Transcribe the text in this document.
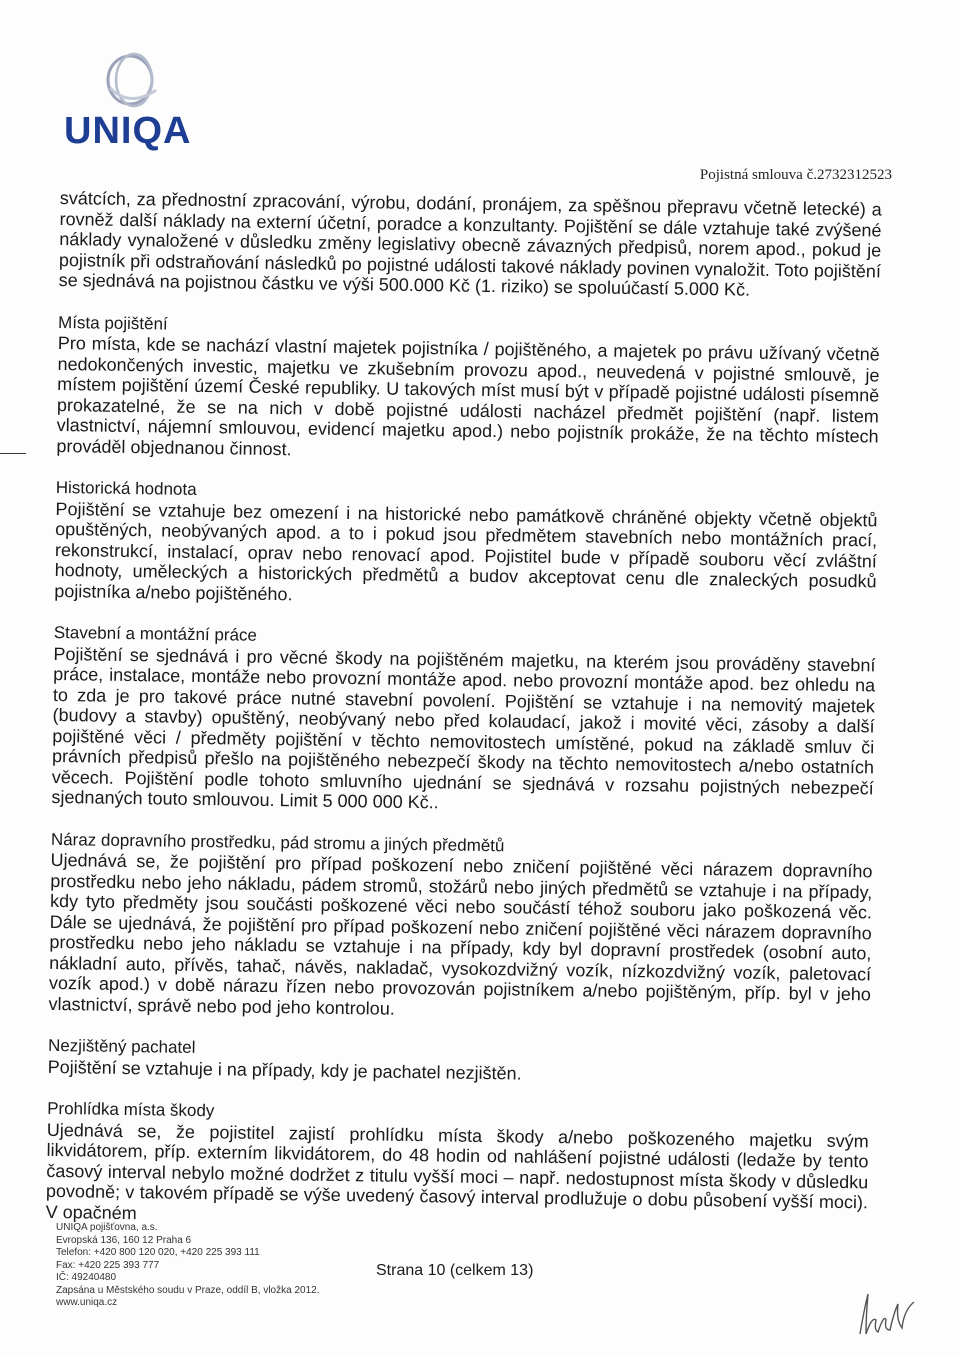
UNIQA
Pojistná smlouva č.2732312523

svátcích, za přednostní zpracování, výrobu, dodání, pronájem, za spěšnou přepravu včetně letecké) a rovněž další náklady na externí účetní, poradce a konzultanty. Pojištění se dále vztahuje také zvýšené náklady vynaložené v důsledku změny legislativy obecně závazných předpisů, norem apod., pokud je pojistník při odstraňování následků po pojistné události takové náklady povinen vynaložit. Toto pojištění se sjednává na pojistnou částku ve výši 500.000 Kč (1. riziko) se spoluúčastí 5.000 Kč.

Místa pojištění

Pro místa, kde se nachází vlastní majetek pojistníka / pojištěného, a majetek po právu užívaný včetně nedokončených investic, majetku ve zkušebním provozu apod., neuvedená v pojistné smlouvě, je místem pojištění území České republiky. U takových míst musí být v případě pojistné události písemně prokazatelné, že se na nich v době pojistné události nacházel předmět pojištění (např. listem vlastnictví, nájemní smlouvou, evidencí majetku apod.) nebo pojistník prokáže, že na těchto místech prováděl objednanou činnost.

Historická hodnota

Pojištění se vztahuje bez omezení i na historické nebo památkově chráněné objekty včetně objektů opuštěných, neobývaných apod. a to i pokud jsou předmětem stavebních nebo montážních prací, rekonstrukcí, instalací, oprav nebo renovací apod. Pojistitel bude v případě souboru věcí zvláštní hodnoty, uměleckých a historických předmětů a budov akceptovat cenu dle znaleckých posudků pojistníka a/nebo pojištěného.

Stavební a montážní práce

Pojištění se sjednává i pro věcné škody na pojištěném majetku, na kterém jsou prováděny stavební práce, instalace, montáže nebo provozní montáže apod. nebo provozní montáže apod. bez ohledu na to zda je pro takové práce nutné stavební povolení. Pojištění se vztahuje i na nemovitý majetek (budovy a stavby) opuštěný, neobývaný nebo před kolaudací, jakož i movité věci, zásoby a další pojištěné věci / předměty pojištění v těchto nemovitostech umístěné, pokud na základě smluv či právních předpisů přešlo na pojištěného nebezpečí škody na těchto nemovitostech a/nebo ostatních věcech. Pojištění podle tohoto smluvního ujednání se sjednává v rozsahu pojistných nebezpečí sjednaných touto smlouvou. Limit 5 000 000 Kč..

Náraz dopravního prostředku, pád stromu a jiných předmětů

Ujednává se, že pojištění pro případ poškození nebo zničení pojištěné věci nárazem dopravního prostředku nebo jeho nákladu, pádem stromů, stožárů nebo jiných předmětů se vztahuje i na případy, kdy tyto předměty jsou součásti poškozené věci nebo součástí téhož souboru jako poškozená věc. Dále se ujednává, že pojištění pro případ poškození nebo zničení pojištěné věci nárazem dopravního prostředku nebo jeho nákladu se vztahuje i na případy, kdy byl dopravní prostředek (osobní auto, nákladní auto, přívěs, tahač, návěs, nakladač, vysokozdvižný vozík, nízkozdvižný vozík, paletovací vozík apod.) v době nárazu řízen nebo provozován pojistníkem a/nebo pojištěným, příp. byl v jeho vlastnictví, správě nebo pod jeho kontrolou.

Nezjištěný pachatel

Pojištění se vztahuje i na případy, kdy je pachatel nezjištěn.

Prohlídka místa škody

Ujednává se, že pojistitel zajistí prohlídku místa škody a/nebo poškozeného majetku svým likvidátorem, příp. externím likvidátorem, do 48 hodin od nahlášení pojistné události (ledaže by tento časový interval nebylo možné dodržet z titulu vyšší moci – např. nedostupnost místa škody v důsledku povodně; v takovém případě se výše uvedený časový interval prodlužuje o dobu působení vyšší moci). V opačném

UNIQA pojišťovna, a.s.
Evropská 136, 160 12 Praha 6
Telefon: +420 800 120 020, +420 225 393 111
Fax: +420 225 393 777
IČ: 49240480
Zapsána u Městského soudu v Praze, oddíl B, vložka 2012.
www.uniqa.cz
Strana 10 (celkem 13)
